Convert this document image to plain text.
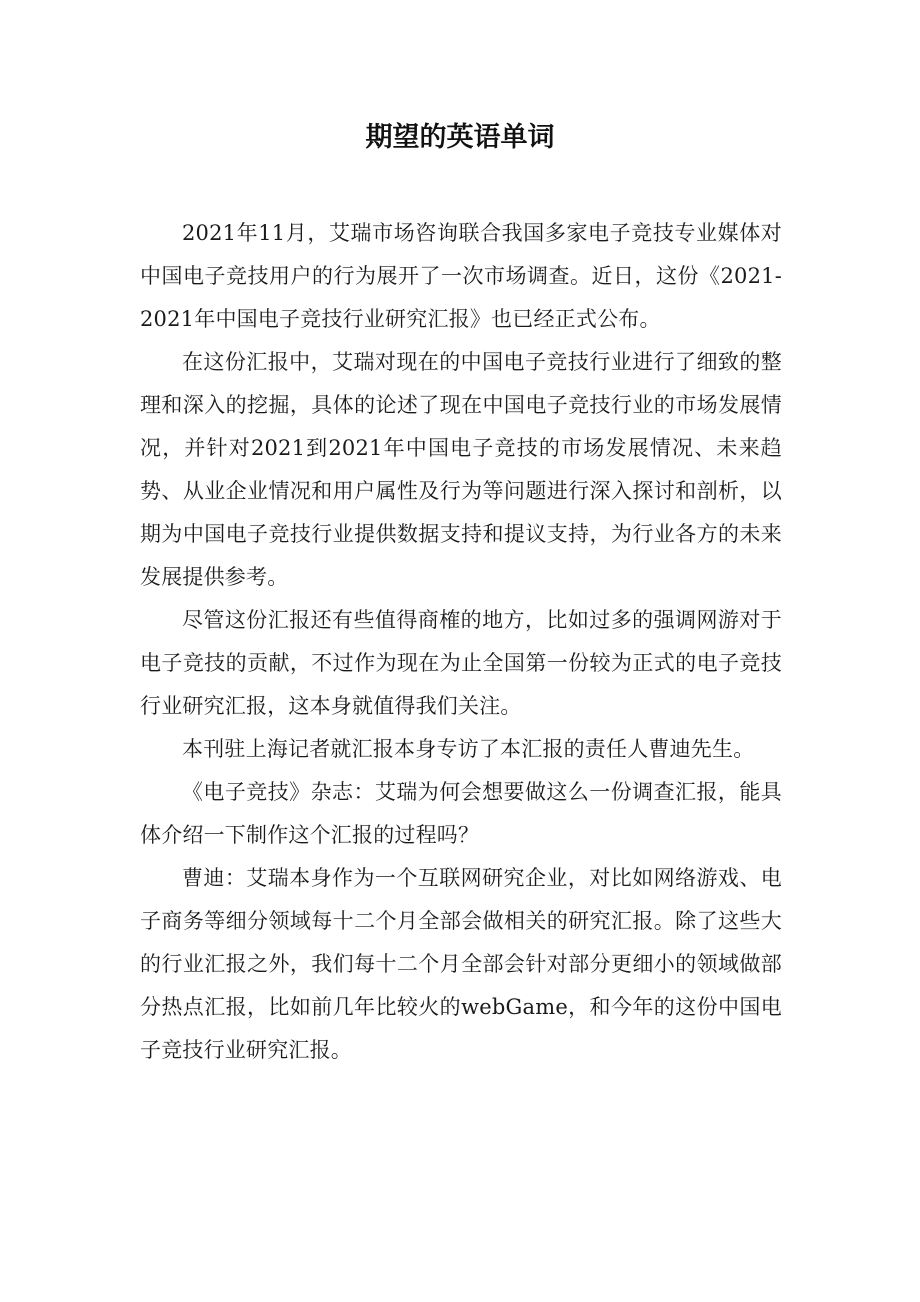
期望的英语单词

2021年11月，艾瑞市场咨询联合我国多家电子竞技专业媒体对中国电子竞技用户的行为展开了一次市场调查。近日，这份《2021-2021年中国电子竞技行业研究汇报》也已经正式公布。

在这份汇报中，艾瑞对现在的中国电子竞技行业进行了细致的整理和深入的挖掘，具体的论述了现在中国电子竞技行业的市场发展情况，并针对2021到2021年中国电子竞技的市场发展情况、未来趋势、从业企业情况和用户属性及行为等问题进行深入探讨和剖析，以期为中国电子竞技行业提供数据支持和提议支持，为行业各方的未来发展提供参考。

尽管这份汇报还有些值得商榷的地方，比如过多的强调网游对于电子竞技的贡献，不过作为现在为止全国第一份较为正式的电子竞技行业研究汇报，这本身就值得我们关注。

本刊驻上海记者就汇报本身专访了本汇报的责任人曹迪先生。

《电子竞技》杂志：艾瑞为何会想要做这么一份调查汇报，能具体介绍一下制作这个汇报的过程吗？

曹迪：艾瑞本身作为一个互联网研究企业，对比如网络游戏、电子商务等细分领域每十二个月全部会做相关的研究汇报。除了这些大的行业汇报之外，我们每十二个月全部会针对部分更细小的领域做部分热点汇报，比如前几年比较火的webGame，和今年的这份中国电子竞技行业研究汇报。
